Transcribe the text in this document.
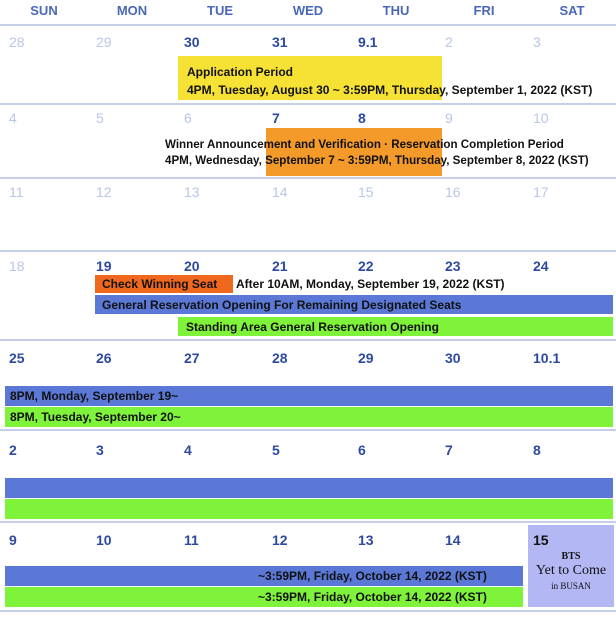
SUN	MON	TUE	WED	THU	FRI	SAT
28	29	30	31	9.1	2	3
Application Period
4PM, Tuesday, August 30 ~ 3:59PM, Thursday, September 1, 2022 (KST)
4	5	6	7	8	9	10
Winner Announcement and Verification · Reservation Completion Period
4PM, Wednesday, September 7 ~ 3:59PM, Thursday, September 8, 2022 (KST)
11	12	13	14	15	16	17
18	19	20	21	22	23	24
Check Winning Seat After 10AM, Monday, September 19, 2022 (KST)
General Reservation Opening For Remaining Designated Seats
Standing Area General Reservation Opening
25	26	27	28	29	30	10.1
8PM, Monday, September 19~
8PM, Tuesday, September 20~
2	3	4	5	6	7	8
9	10	11	12	13	14	15
BTS
Yet to Come
in BUSAN
~3:59PM, Friday, October 14, 2022 (KST)
~3:59PM, Friday, October 14, 2022 (KST)
